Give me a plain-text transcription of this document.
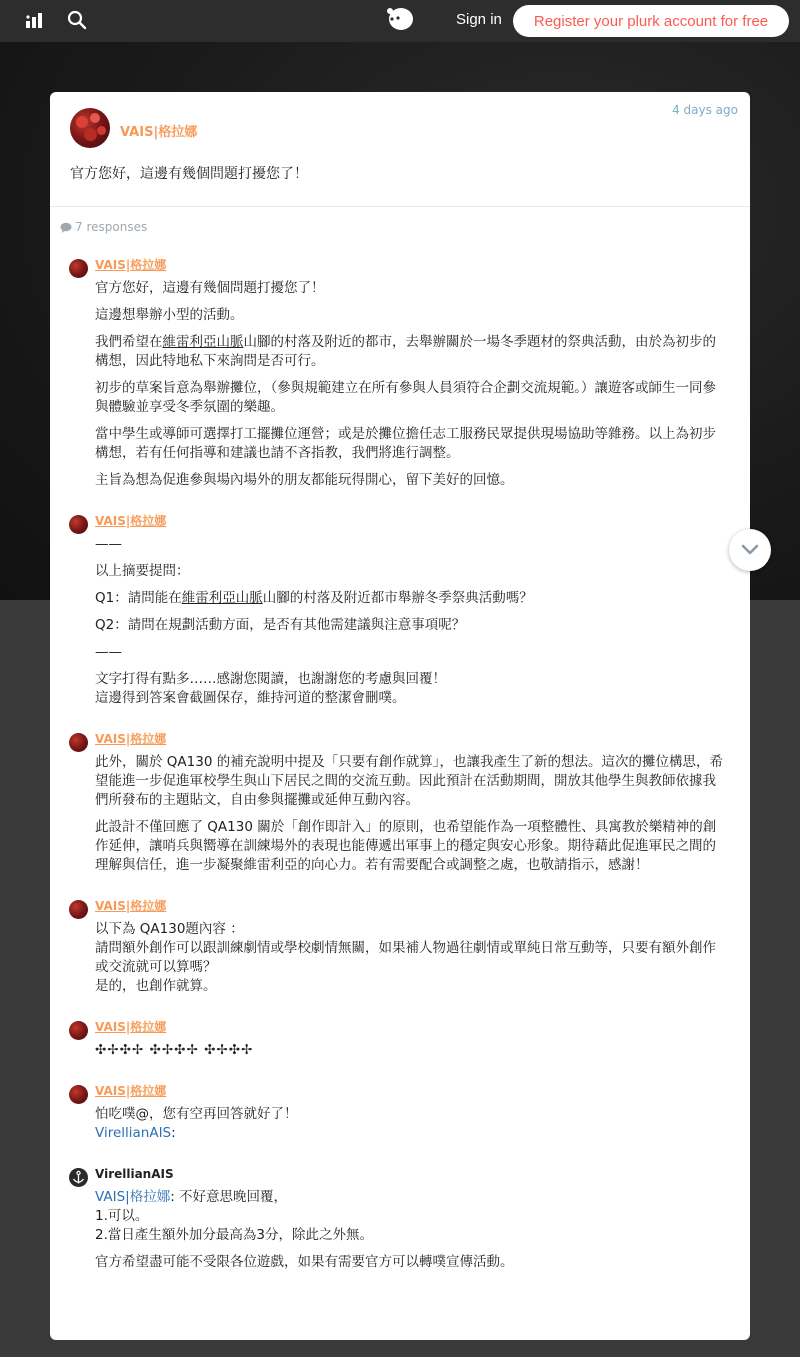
Sign in	Register your plurk account for free
VAIS|格拉娜
4 days ago
官方您好，這邊有幾個問題打擾您了！
7 responses
VAIS|格拉娜

官方您好，這邊有幾個問題打擾您了！

這邊想舉辦小型的活動。

我們希望在維雷利亞山脈山腳的村落及附近的都市，去舉辦關於一場冬季題材的祭典活動，由於為初步的構想，因此特地私下來詢問是否可行。

初步的草案旨意為舉辦攤位，（參與規範建立在所有參與人員須符合企劃交流規範。）讓遊客或師生一同參與體驗並享受冬季氛圍的樂趣。

當中學生或導師可選擇打工擺攤位運營；或是於攤位擔任志工服務民眾提供現場協助等雜務。以上為初步構想，若有任何指導和建議也請不吝指教，我們將進行調整。

主旨為想為促進參與場內場外的朋友都能玩得開心，留下美好的回憶。

VAIS|格拉娜

——

以上摘要提問：

Q1：請問能在維雷利亞山脈山腳的村落及附近都市舉辦冬季祭典活動嗎？

Q2：請問在規劃活動方面，是否有其他需建議與注意事項呢？

——

文字打得有點多……感謝您閱讀，也謝謝您的考慮與回覆！
這邊得到答案會截圖保存，維持河道的整潔會刪噗。

VAIS|格拉娜

此外，關於 QA130 的補充說明中提及「只要有創作就算」，也讓我產生了新的想法。這次的攤位構思，希望能進一步促進軍校學生與山下居民之間的交流互動。因此預計在活動期間，開放其他學生與教師依據我們所發布的主題貼文，自由參與擺攤或延伸互動內容。

此設計不僅回應了 QA130 關於「創作即計入」的原則，也希望能作為一項整體性、具寓教於樂精神的創作延伸，讓哨兵與嚮導在訓練場外的表現也能傳遞出軍事上的穩定與安心形象。期待藉此促進軍民之間的理解與信任，進一步凝聚維雷利亞的向心力。若有需要配合或調整之處，也敬請指示，感謝！

VAIS|格拉娜

以下為 QA130題內容 ：
請問額外創作可以跟訓練劇情或學校劇情無關，如果補人物過往劇情或單純日常互動等，只要有額外創作或交流就可以算嗎？
是的，也創作就算。

VAIS|格拉娜

✣✢✣✢ ✣✢✣✢ ✣✢✣✢

VAIS|格拉娜

怕吃噗@，您有空再回答就好了！
VirellianAIS:

VirellianAIS

VAIS|格拉娜: 不好意思晚回覆，
1.可以。
2.當日產生額外加分最高為3分，除此之外無。

官方希望盡可能不受限各位遊戲，如果有需要官方可以轉噗宣傳活動。
